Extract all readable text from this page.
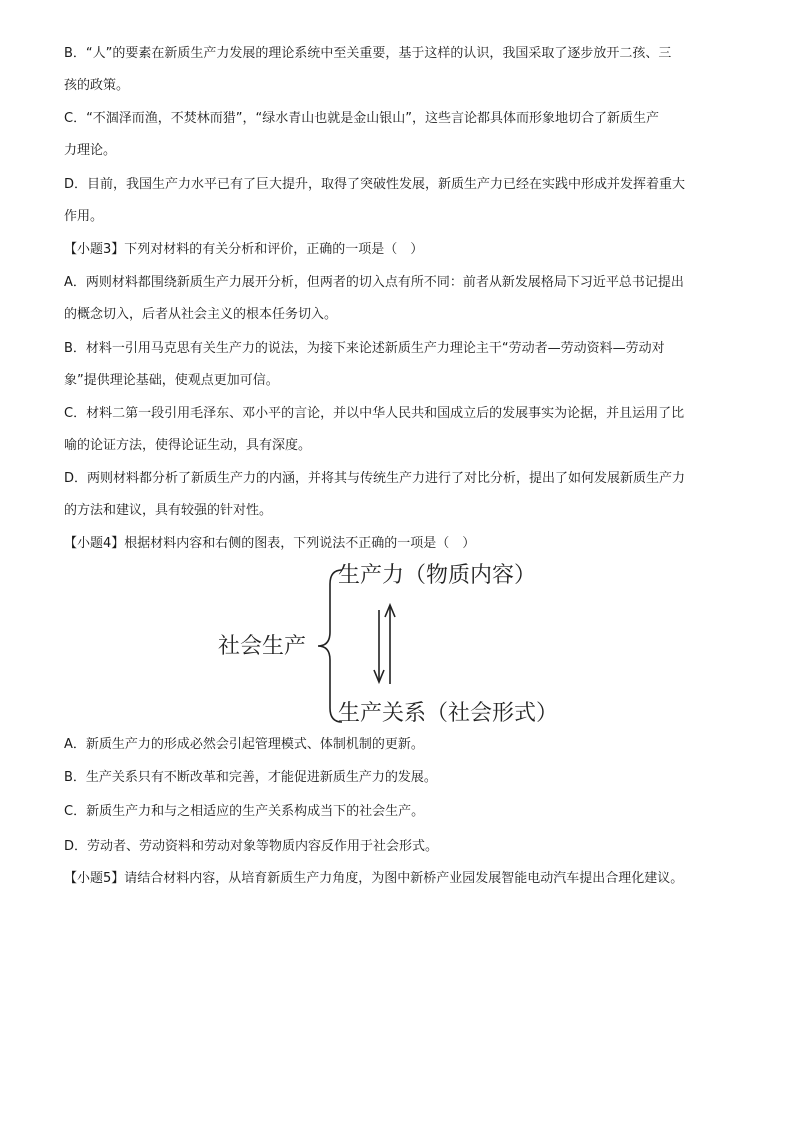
B．“人”的要素在新质生产力发展的理论系统中至关重要，基于这样的认识，我国采取了逐步放开二孩、三
孩的政策。
C．“不涸泽而渔，不焚林而猎”，“绿水青山也就是金山银山”，这些言论都具体而形象地切合了新质生产
力理论。
D．目前，我国生产力水平已有了巨大提升，取得了突破性发展，新质生产力已经在实践中形成并发挥着重大
作用。
【小题3】下列对材料的有关分析和评价，正确的一项是（　）
A．两则材料都围绕新质生产力展开分析，但两者的切入点有所不同：前者从新发展格局下习近平总书记提出
的概念切入，后者从社会主义的根本任务切入。
B．材料一引用马克思有关生产力的说法，为接下来论述新质生产力理论主干“劳动者—劳动资料—劳动对
象”提供理论基础，使观点更加可信。
C．材料二第一段引用毛泽东、邓小平的言论，并以中华人民共和国成立后的发展事实为论据，并且运用了比
喻的论证方法，使得论证生动，具有深度。
D．两则材料都分析了新质生产力的内涵，并将其与传统生产力进行了对比分析，提出了如何发展新质生产力
的方法和建议，具有较强的针对性。
【小题4】根据材料内容和右侧的图表，下列说法不正确的一项是（　）
社会生产
生产力（物质内容）
生产关系（社会形式）
A．新质生产力的形成必然会引起管理模式、体制机制的更新。
B．生产关系只有不断改革和完善，才能促进新质生产力的发展。
C．新质生产力和与之相适应的生产关系构成当下的社会生产。
D．劳动者、劳动资料和劳动对象等物质内容反作用于社会形式。
【小题5】请结合材料内容，从培育新质生产力角度，为图中新桥产业园发展智能电动汽车提出合理化建议。
